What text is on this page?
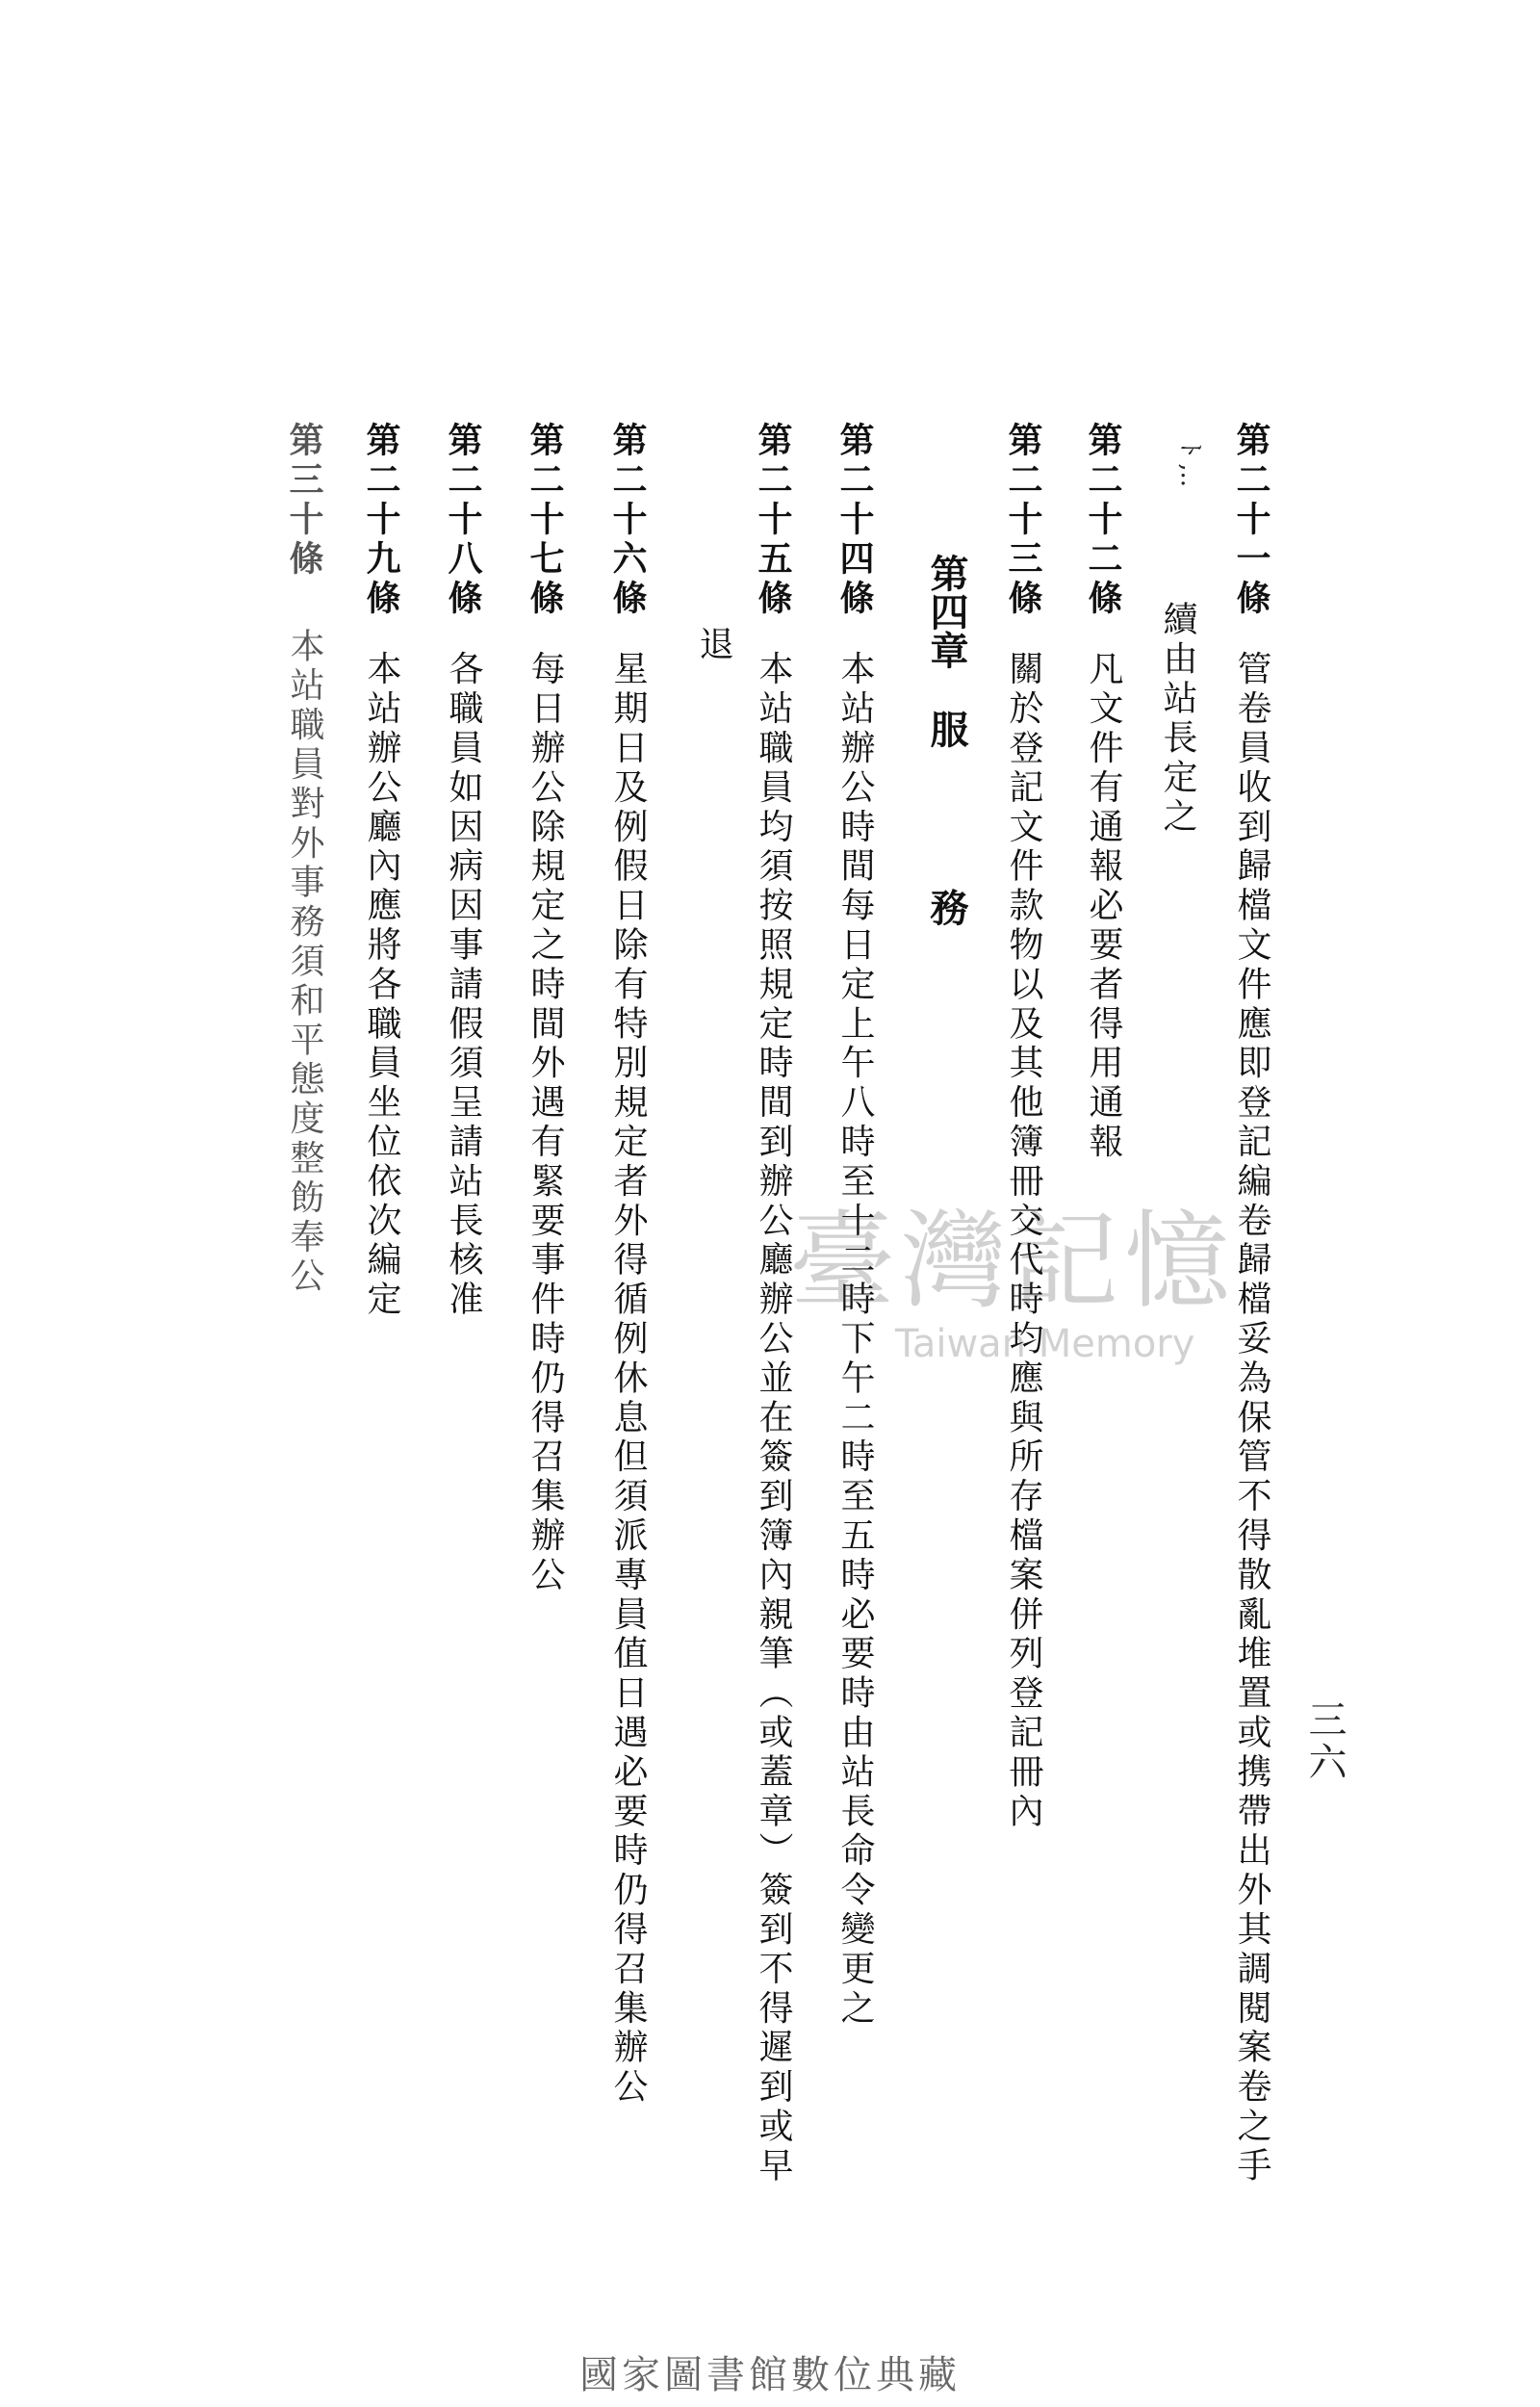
三六
第二十一條管卷員收到歸檔文件應即登記編卷歸檔妥為保管不得散亂堆置或携帶出外其調閱案卷之手
ﾄ ,..
續由站長定之
第二十二條凡文件有通報必要者得用通報
第二十三條關於登記文件款物以及其他簿冊交代時均應與所存檔案併列登記冊內
第四章服務
第二十四條本站辦公時間每日定上午八時至十二時下午二時至五時必要時由站長命令變更之
第二十五條本站職員均須按照規定時間到辦公廳辦公並在簽到簿內親筆（或蓋章）簽到不得遲到或早
退
第二十六條星期日及例假日除有特別規定者外得循例休息但須派專員值日遇必要時仍得召集辦公
第二十七條每日辦公除規定之時間外遇有緊要事件時仍得召集辦公
第二十八條各職員如因病因事請假須呈請站長核准
第二十九條本站辦公廳內應將各職員坐位依次編定
第三十條本站職員對外事務須和平態度整飭奉公	臺灣記憶
Taiwan Memory
國家圖書館數位典藏
